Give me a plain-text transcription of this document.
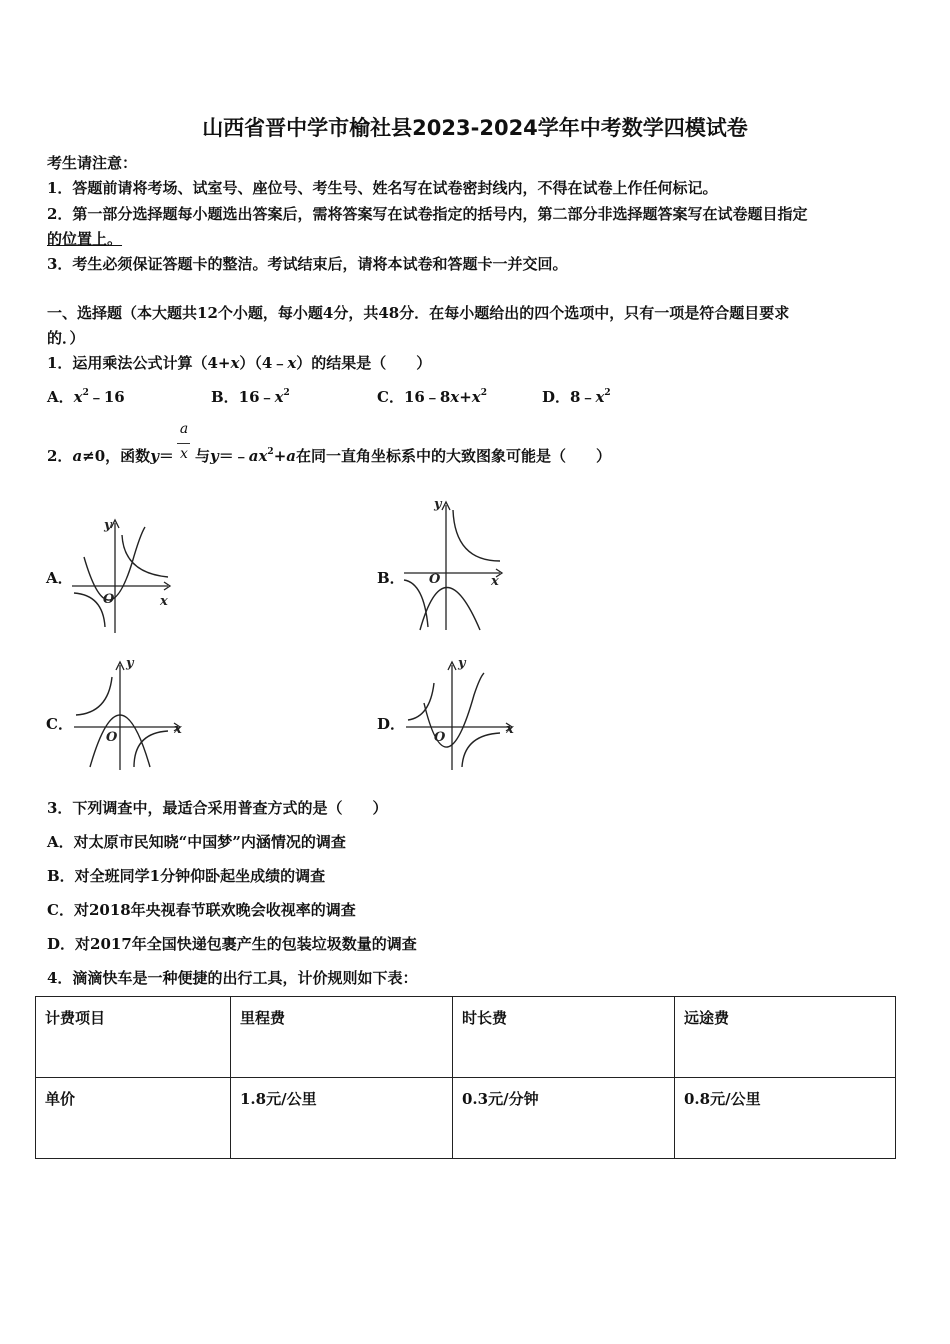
山西省晋中学市榆社县2023-2024学年中考数学四模试卷
考生请注意：
1．答题前请将考场、试室号、座位号、考生号、姓名写在试卷密封线内，不得在试卷上作任何标记。
2．第一部分选择题每小题选出答案后，需将答案写在试卷指定的括号内，第二部分非选择题答案写在试卷题目指定
的位置上。
3．考生必须保证答题卡的整洁。考试结束后，请将本试卷和答题卡一并交回。
一、选择题（本大题共12个小题，每小题4分，共48分．在每小题给出的四个选项中，只有一项是符合题目要求
的．）
1．运用乘法公式计算（4+x）（4﹣x）的结果是（　　）
A．$x^2﹣16$	B．$16﹣x^2$	C．$16﹣8x+x^2$	D．$8﹣x^2$
2．a≠0，函数y＝
a
x 与$y=﹣ax^2+a$在同一直角坐标系中的大致图象可能是（　　）
A．	B．
C．	D．
y
x
O
y
x
O
y
x
O
y
x
O
3．下列调查中，最适合采用普查方式的是（　　）
A．对太原市民知晓“中国梦”内涵情况的调查
B．对全班同学1分钟仰卧起坐成绩的调查
C．对2018年央视春节联欢晚会收视率的调查
D．对2017年全国快递包裹产生的包装垃圾数量的调查
4．滴滴快车是一种便捷的出行工具，计价规则如下表：
计费项目	里程费	时长费	远途费
单价	1.8元/公里	0.3元/分钟	0.8元/公里
